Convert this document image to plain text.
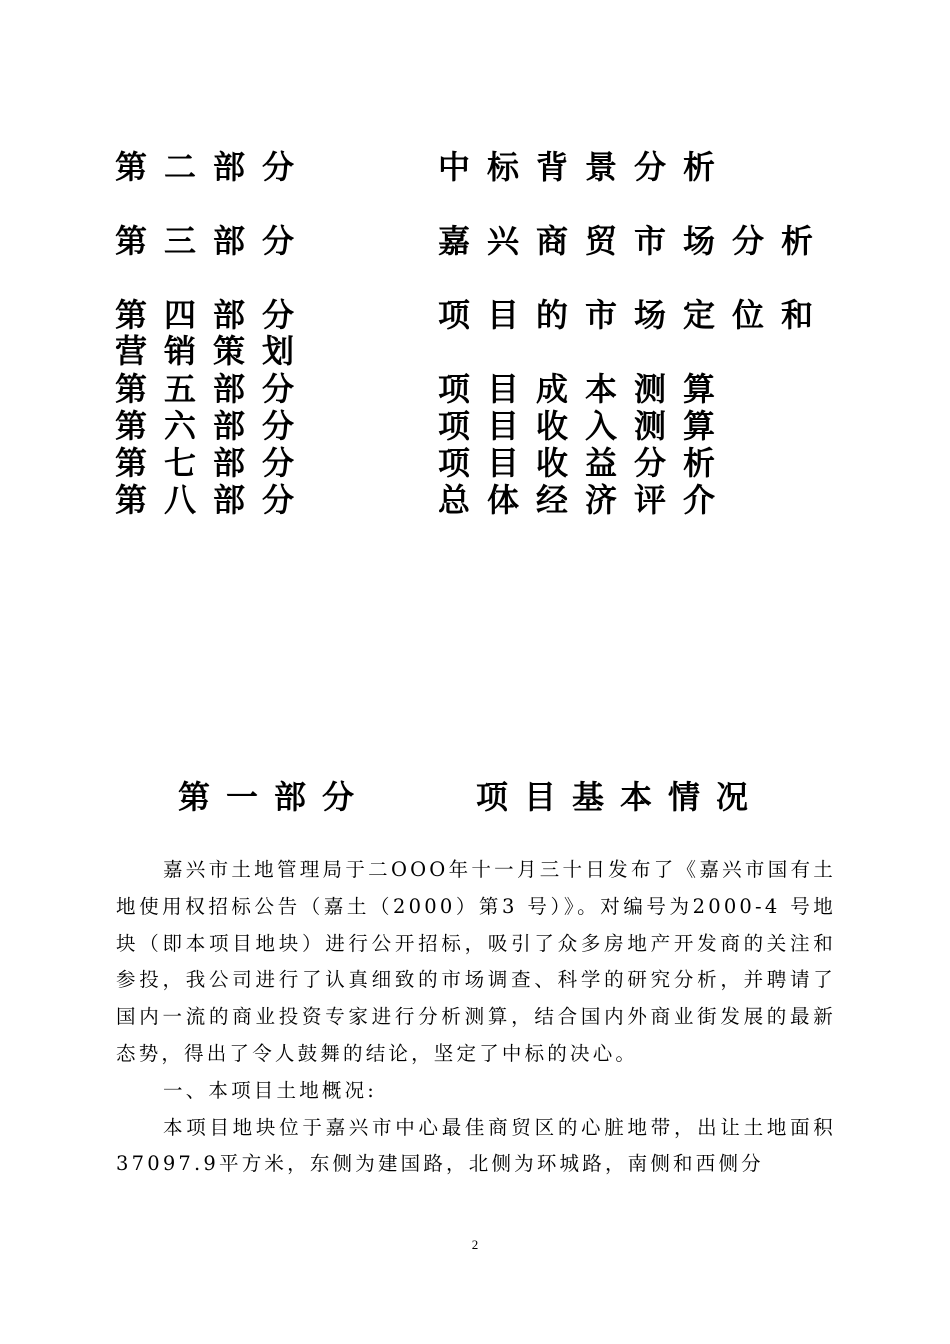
第二部分	中标背景分析
第三部分	嘉兴商贸市场分析
第四部分	项目的市场定位和
营销策划
第五部分	项目成本测算
第六部分	项目收入测算
第七部分	项目收益分析
第八部分	总体经济评介
第一部分	项目基本情况

嘉兴市土地管理局于二OOO年十一月三十日发布了《嘉兴市国有土地使用权招标公告（嘉土（2000）第3 号）》。对编号为2000-4 号地块（即本项目地块）进行公开招标，吸引了众多房地产开发商的关注和参投，我公司进行了认真细致的市场调查、科学的研究分析，并聘请了国内一流的商业投资专家进行分析测算，结合国内外商业街发展的最新态势，得出了令人鼓舞的结论，坚定了中标的决心。

一、本项目土地概况:

本项目地块位于嘉兴市中心最佳商贸区的心脏地带，出让土地面积37097.9平方米，东侧为建国路，北侧为环城路，南侧和西侧分

2
